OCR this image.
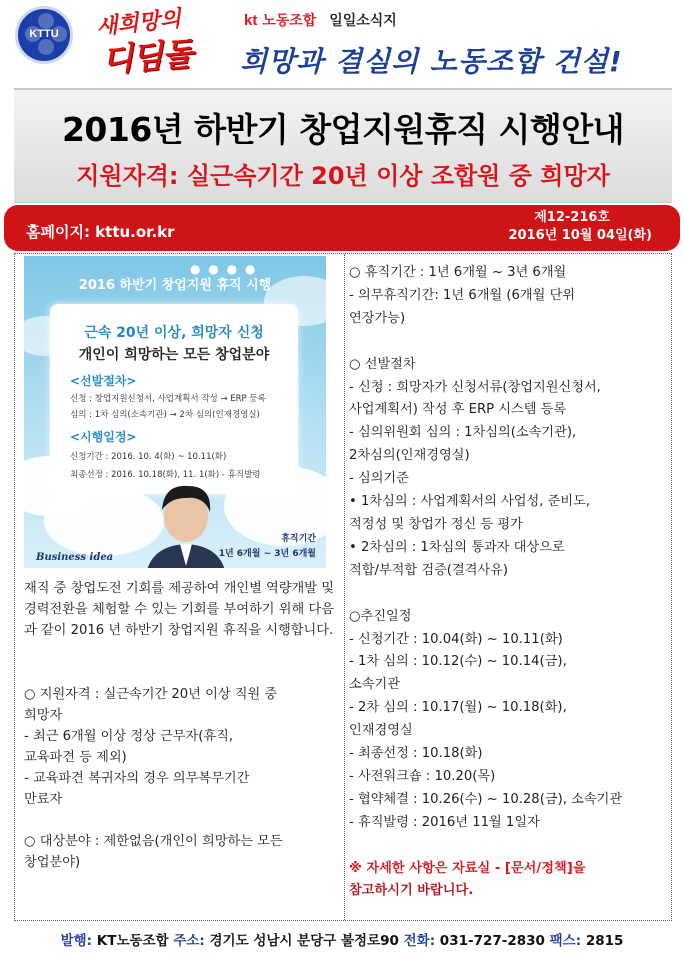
KTTU	새희망의
디딤돌
kt 노동조합 일일소식지
희망과 결실의 노동조합 건설!
2016년 하반기 창업지원휴직 시행안내
지원자격: 실근속기간 20년 이상 조합원 중 희망자
홈페이지: kttu.or.kr
제12-216호
2016년 10월 04일(화)
● ● ● ●
2016 하반기 창업지원 휴직 시행
근속 20년 이상, 희망자 신청
개인이 희망하는 모든 창업분야
<선발절차>
신청 : 창업지원신청서, 사업계획서 작성 → ERP 등록
심의 : 1차 심의(소속기관) → 2차 심의(인재경영실)
<시행일정>
신청기간 : 2016. 10. 4(화) ~ 10.11(화)
최종선정 : 2016. 10.18(화), 11. 1(화) - 휴직발령
Business idea
휴직기간
1년 6개월 ~ 3년 6개월

재직 중 창업도전 기회를 제공하여 개인별 역량개발 및 경력전환을 체험할 수 있는 기회를 부여하기 위해 다음과 같이 2016 년 하반기 창업지원 휴직을 시행합니다.

○ 지원자격 : 실근속기간 20년 이상 직원 중

희망자

- 최근 6개월 이상 정상 근무자(휴직,

교육파견 등 제외)

- 교육파견 복귀자의 경우 의무복무기간

만료자

○ 대상분야 : 제한없음(개인이 희망하는 모든

창업분야)

○ 휴직기간 : 1년 6개월 ~ 3년 6개월

- 의무휴직기간: 1년 6개월 (6개월 단위

연장가능)

○ 선발절차

- 신청 : 희망자가 신청서류(창업지원신청서,

사업계획서) 작성 후 ERP 시스템 등록

- 심의위원회 심의 : 1차심의(소속기관),

2차심의(인재경영실)

- 심의기준

• 1차심의 : 사업계획서의 사업성, 준비도,

적정성 및 창업가 정신 등 평가

• 2차심의 : 1차심의 통과자 대상으로

적합/부적합 검증(결격사유)

○추진일정

- 신청기간 : 10.04(화) ~ 10.11(화)

- 1차 심의 : 10.12(수) ~ 10.14(금),

소속기관

- 2차 심의 : 10.17(월) ~ 10.18(화),

인재경영실

- 최종선정 : 10.18(화)

- 사전워크숍 : 10.20(목)

- 협약체결 : 10.26(수) ~ 10.28(금), 소속기관

- 휴직발령 : 2016년 11월 1일자

※ 자세한 사항은 자료실 - [문서/정책]을

참고하시기 바랍니다.

발행: KT노동조합 주소: 경기도 성남시 분당구 불정로90 전화: 031-727-2830 팩스: 2815
